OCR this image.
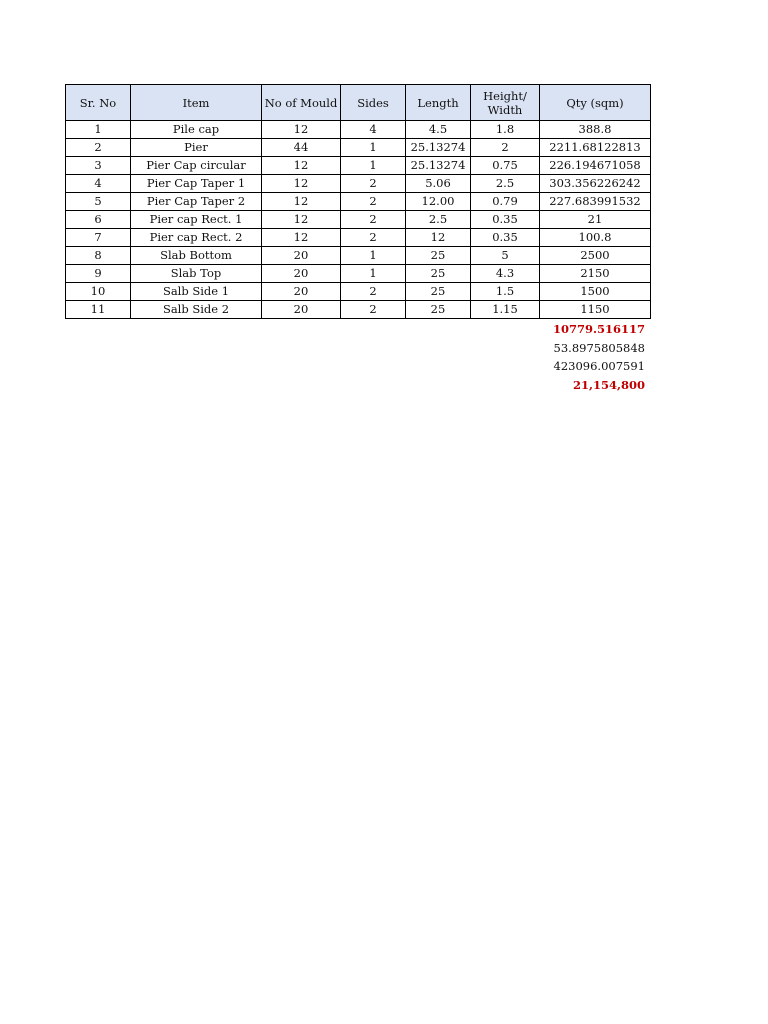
Sr. No	Item	No of Mould	Sides	Length	Height/ Width	Qty (sqm)
1	Pile cap	12	4	4.5	1.8	388.8
2	Pier	44	1	25.13274	2	2211.68122813
3	Pier Cap circular	12	1	25.13274	0.75	226.194671058
4	Pier Cap Taper 1	12	2	5.06	2.5	303.356226242
5	Pier Cap Taper 2	12	2	12.00	0.79	227.683991532
6	Pier cap Rect. 1	12	2	2.5	0.35	21
7	Pier cap Rect. 2	12	2	12	0.35	100.8
8	Slab Bottom	20	1	25	5	2500
9	Slab Top	20	1	25	4.3	2150
10	Salb Side 1	20	2	25	1.5	1500
11	Salb Side 2	20	2	25	1.15	1150
10779.516117
53.8975805848
423096.007591
21,154,800
